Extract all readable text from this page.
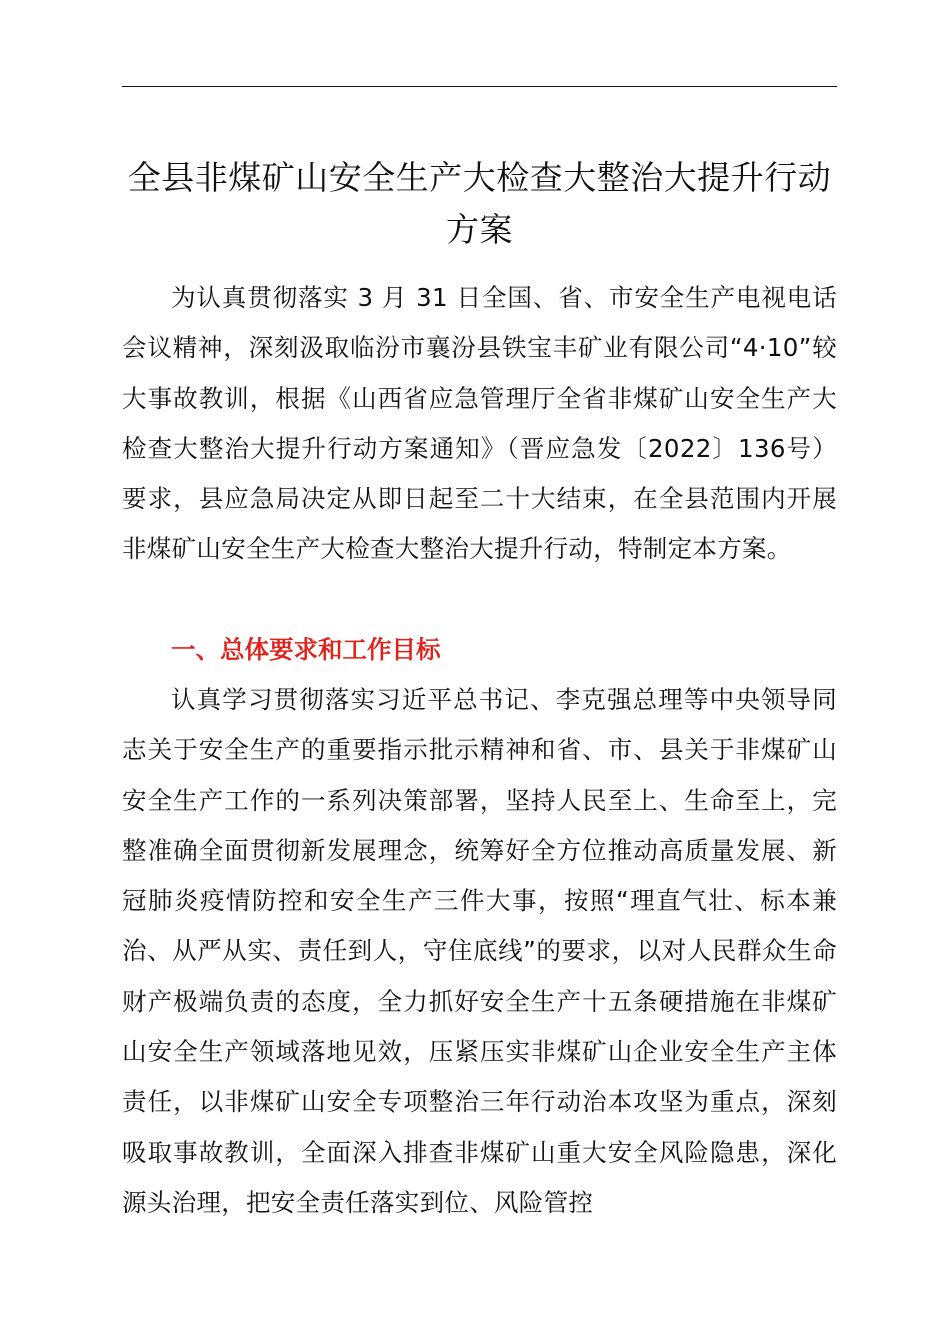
全县非煤矿山安全生产大检查大整治大提升行动方案

为认真贯彻落实 3 月 31 日全国、省、市安全生产电视电话会议精神，深刻汲取临汾市襄汾县铁宝丰矿业有限公司“4·10”较大事故教训，根据《山西省应急管理厅全省非煤矿山安全生产大检查大整治大提升行动方案通知》（晋应急发〔2022〕136号）要求，县应急局决定从即日起至二十大结束，在全县范围内开展非煤矿山安全生产大检查大整治大提升行动，特制定本方案。

一、总体要求和工作目标

认真学习贯彻落实习近平总书记、李克强总理等中央领导同志关于安全生产的重要指示批示精神和省、市、县关于非煤矿山安全生产工作的一系列决策部署，坚持人民至上、生命至上，完整准确全面贯彻新发展理念，统筹好全方位推动高质量发展、新冠肺炎疫情防控和安全生产三件大事，按照“理直气壮、标本兼治、从严从实、责任到人，守住底线”的要求，以对人民群众生命财产极端负责的态度，全力抓好安全生产十五条硬措施在非煤矿山安全生产领域落地见效，压紧压实非煤矿山企业安全生产主体责任，以非煤矿山安全专项整治三年行动治本攻坚为重点，深刻吸取事故教训，全面深入排查非煤矿山重大安全风险隐患，深化源头治理，把安全责任落实到位、风险管控
